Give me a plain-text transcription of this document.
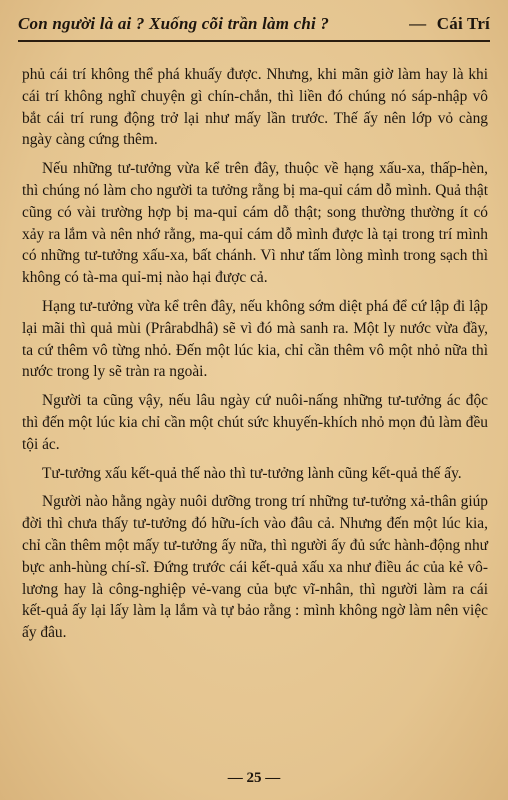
Con người là ai ? Xuống cõi trần làm chi ?	— Cái Trí

phủ cái trí không thể phá khuấy được. Nhưng, khi mãn giờ làm hay là khi cái trí không nghĩ chuyện gì chín-chắn, thì liền đó chúng nó sáp-nhập vô bắt cái trí rung động trở lại như mấy lần trước. Thế ấy nên lớp vỏ càng ngày càng cứng thêm.

Nếu những tư-tưởng vừa kể trên đây, thuộc về hạng xấu-xa, thấp-hèn, thì chúng nó làm cho người ta tưởng rằng bị ma-quỉ cám dỗ mình. Quả thật cũng có vài trường hợp bị ma-quỉ cám dỗ thật; song thường thường ít có xảy ra lắm và nên nhớ rằng, ma-quỉ cám dỗ mình được là tại trong trí mình có những tư-tưởng xấu-xa, bất chánh. Vì như tấm lòng mình trong sạch thì không có tà-ma quỉ-mị nào hại được cả.

Hạng tư-tưởng vừa kể trên đây, nếu không sớm diệt phá để cứ lập đi lập lại mãi thì quả mùi (Prârabdhâ) sẽ vì đó mà sanh ra. Một ly nước vừa đầy, ta cứ thêm vô từng nhỏ. Đến một lúc kia, chỉ cần thêm vô một nhỏ nữa thì nước trong ly sẽ tràn ra ngoài.

Người ta cũng vậy, nếu lâu ngày cứ nuôi-nấng những tư-tưởng ác độc thì đến một lúc kia chỉ cần một chút sức khuyến-khích nhỏ mọn đủ làm đều tội ác.

Tư-tưởng xấu kết-quả thế nào thì tư-tưởng lành cũng kết-quả thế ấy.

Người nào hằng ngày nuôi dưỡng trong trí những tư-tưởng xả-thân giúp đời thì chưa thấy tư-tưởng đó hữu-ích vào đâu cả. Nhưng đến một lúc kia, chỉ cần thêm một mấy tư-tưởng ấy nữa, thì người ấy đủ sức hành-động như bực anh-hùng chí-sĩ. Đứng trước cái kết-quả xấu xa như điều ác của kẻ vô-lương hay là công-nghiệp vẻ-vang của bực vĩ-nhân, thì người làm ra cái kết-quả ấy lại lấy làm lạ lắm và tự bảo rằng : mình không ngờ làm nên việc ấy đâu.

— 25 —
